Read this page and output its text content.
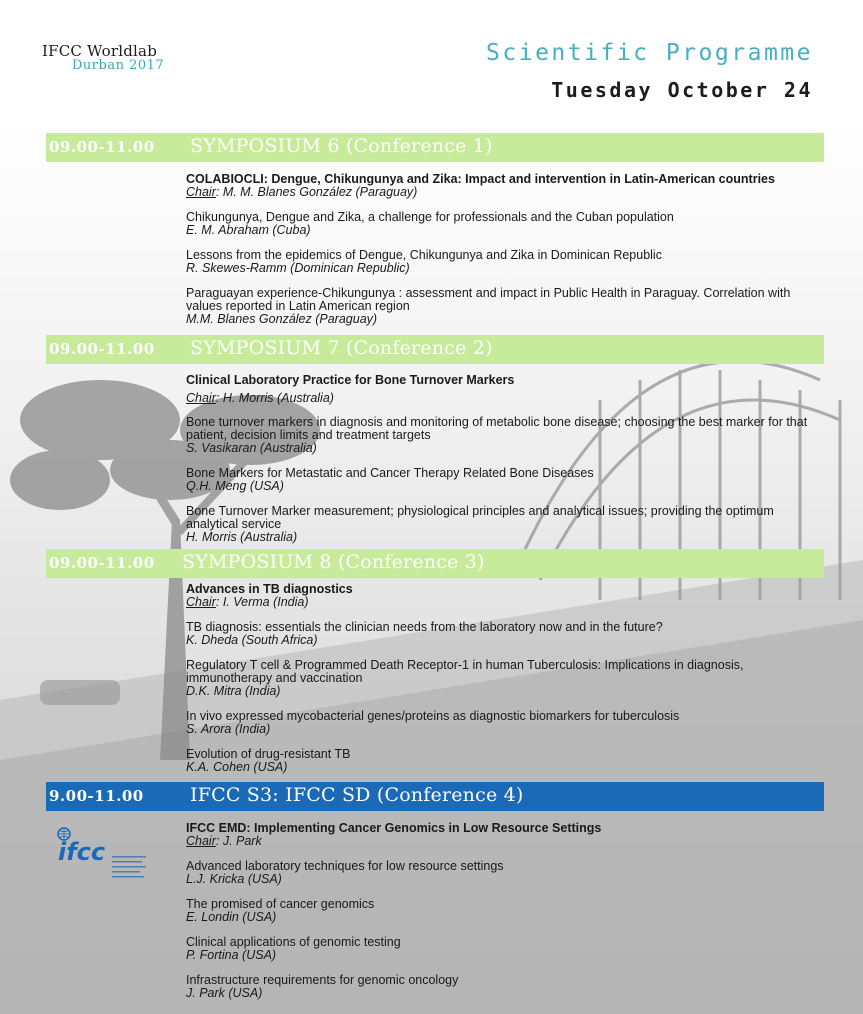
IFCC Worldlab
Durban 2017	Scientific Programme
Tuesday October 24
09.00-11.00 SYMPOSIUM 6 (Conference 1)
COLABIOCLI: Dengue, Chikungunya and Zika: Impact and intervention in Latin-American countries
Chair: M. M. Blanes González (Paraguay)
Chikungunya, Dengue and Zika, a challenge for professionals and the Cuban population
E. M. Abraham (Cuba)
Lessons from the epidemics of Dengue, Chikungunya and Zika in Dominican Republic
R. Skewes-Ramm (Dominican Republic)
Paraguayan experience-Chikungunya : assessment and impact in Public Health in Paraguay. Correlation with values reported in Latin American region
M.M. Blanes González (Paraguay)
09.00-11.00 SYMPOSIUM 7 (Conference 2)
Clinical Laboratory Practice for Bone Turnover Markers
Chair: H. Morris (Australia)
Bone turnover markers in diagnosis and monitoring of metabolic bone disease; choosing the best marker for that patient, decision limits and treatment targets
S. Vasikaran (Australia)
Bone Markers for Metastatic and Cancer Therapy Related Bone Diseases
Q.H. Meng (USA)
Bone Turnover Marker measurement; physiological principles and analytical issues; providing the optimum analytical service
H. Morris (Australia)
09.00-11.00 SYMPOSIUM 8 (Conference 3)
Advances in TB diagnostics
Chair: I. Verma (India)
TB diagnosis: essentials the clinician needs from the laboratory now and in the future?
K. Dheda (South Africa)
Regulatory T cell & Programmed Death Receptor-1 in human Tuberculosis: Implications in diagnosis, immunotherapy and vaccination
D.K. Mitra (India)
In vivo expressed mycobacterial genes/proteins as diagnostic biomarkers for tuberculosis
S. Arora (India)
Evolution of drug-resistant TB
K.A. Cohen (USA)
9.00-11.00 IFCC S3: IFCC SD (Conference 4)
ifcc
IFCC EMD: Implementing Cancer Genomics in Low Resource Settings
Chair: J. Park
Advanced laboratory techniques for low resource settings
L.J. Kricka (USA)
The promised of cancer genomics
E. Londin (USA)
Clinical applications of genomic testing
P. Fortina (USA)
Infrastructure requirements for genomic oncology
J. Park (USA)
